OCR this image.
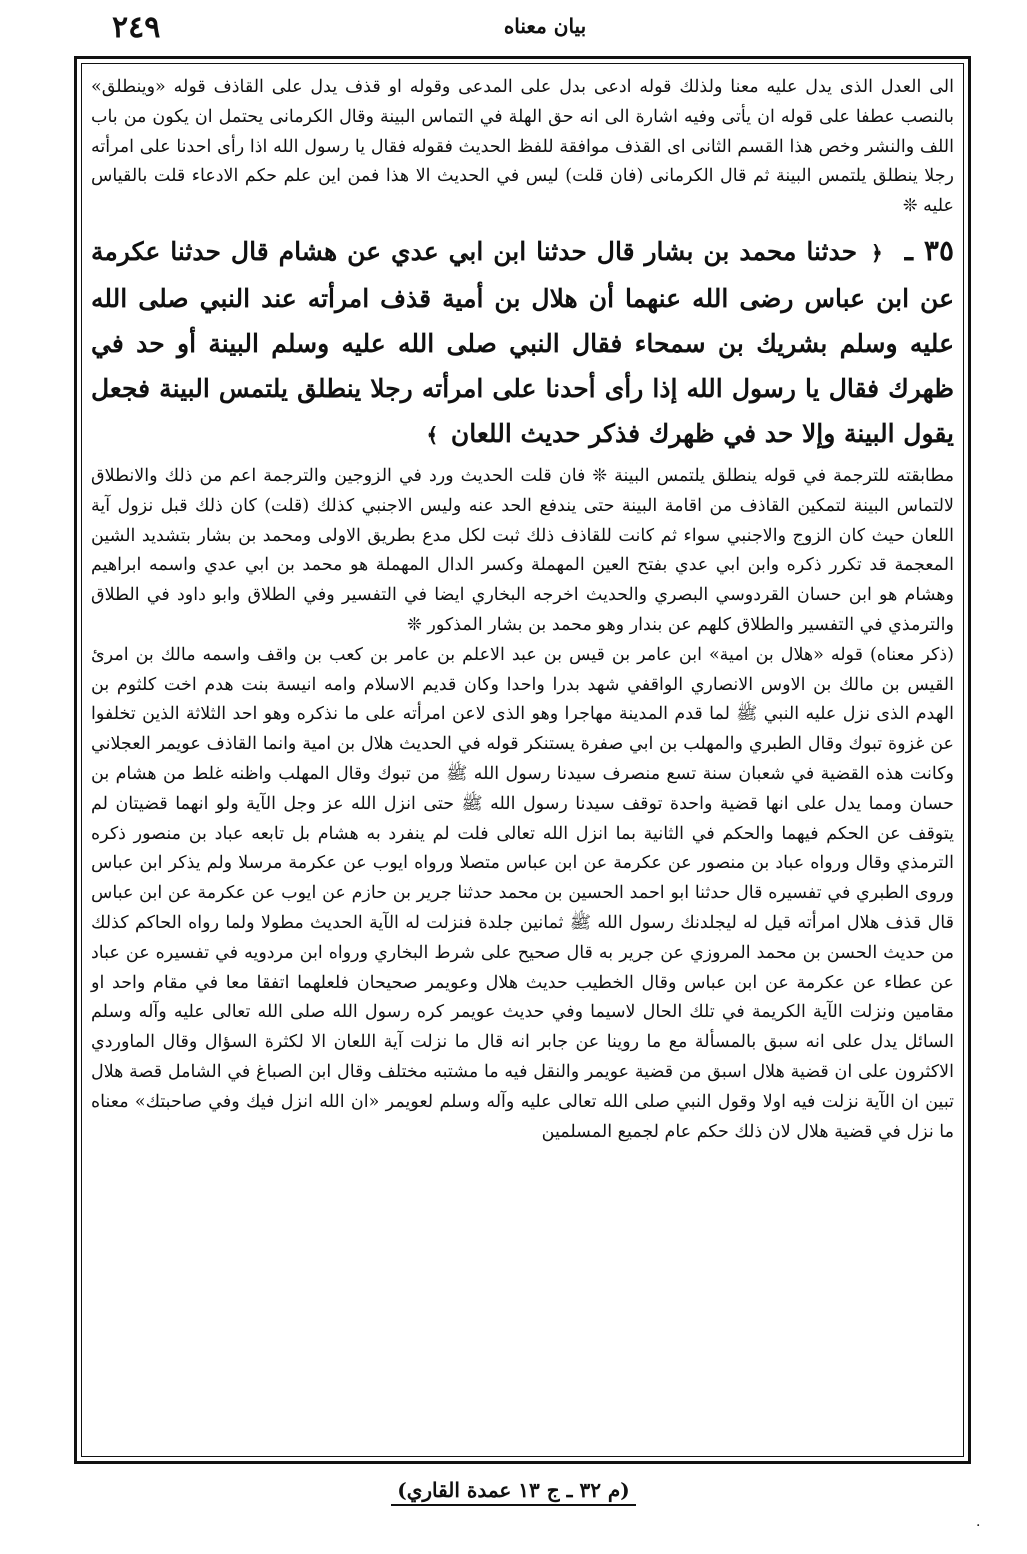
٢٤٩	بيان معناه

الى العدل الذى يدل عليه معنا ولذلك قوله ادعى بدل على المدعى وقوله او قذف يدل على القاذف قوله «وينطلق» بالنصب عطفا على قوله ان يأتى وفيه اشارة الى انه حق الهلة في التماس البينة وقال الكرمانى يحتمل ان يكون من باب اللف والنشر وخص هذا القسم الثانى اى القذف موافقة للفظ الحديث فقوله فقال يا رسول الله اذا رأى احدنا على امرأته رجلا ينطلق يلتمس البينة ثم قال الكرمانى (فان قلت) ليس في الحديث الا هذا فمن اين علم حكم الادعاء قلت بالقياس عليه ❊

٣٥ ـ ﴿ حدثنا محمد بن بشار قال حدثنا ابن ابي عدي عن هشام قال حدثنا عكرمة عن ابن عباس رضى الله عنهما أن هلال بن أمية قذف امرأته عند النبي صلى الله عليه وسلم بشريك بن سمحاء فقال النبي صلى الله عليه وسلم البينة أو حد في ظهرك فقال يا رسول الله إذا رأى أحدنا على امرأته رجلا ينطلق يلتمس البينة فجعل يقول البينة وإلا حد في ظهرك فذكر حديث اللعان ﴾

مطابقته للترجمة في قوله ينطلق يلتمس البينة ❊ فان قلت الحديث ورد في الزوجين والترجمة اعم من ذلك والانطلاق لالتماس البينة لتمكين القاذف من اقامة البينة حتى يندفع الحد عنه وليس الاجنبي كذلك (قلت) كان ذلك قبل نزول آية اللعان حيث كان الزوج والاجنبي سواء ثم كانت للقاذف ذلك ثبت لكل مدع بطريق الاولى ومحمد بن بشار بتشديد الشين المعجمة قد تكرر ذكره وابن ابي عدي بفتح العين المهملة وكسر الدال المهملة هو محمد بن ابي عدي واسمه ابراهيم وهشام هو ابن حسان القردوسي البصري والحديث اخرجه البخاري ايضا في التفسير وفي الطلاق وابو داود في الطلاق والترمذي في التفسير والطلاق كلهم عن بندار وهو محمد بن بشار المذكور ❊

(ذكر معناه) قوله «هلال بن امية» ابن عامر بن قيس بن عبد الاعلم بن عامر بن كعب بن واقف واسمه مالك بن امرئ القيس بن مالك بن الاوس الانصاري الواقفي شهد بدرا واحدا وكان قديم الاسلام وامه انيسة بنت هدم اخت كلثوم بن الهدم الذى نزل عليه النبي ﷺ لما قدم المدينة مهاجرا وهو الذى لاعن امرأته على ما نذكره وهو احد الثلاثة الذين تخلفوا عن غزوة تبوك وقال الطبري والمهلب بن ابي صفرة يستنكر قوله في الحديث هلال بن امية وانما القاذف عويمر العجلاني وكانت هذه القضية في شعبان سنة تسع منصرف سيدنا رسول الله ﷺ من تبوك وقال المهلب واظنه غلط من هشام بن حسان ومما يدل على انها قضية واحدة توقف سيدنا رسول الله ﷺ حتى انزل الله عز وجل الآية ولو انهما قضيتان لم يتوقف عن الحكم فيهما والحكم في الثانية بما انزل الله تعالى فلت لم ينفرد به هشام بل تابعه عباد بن منصور ذكره الترمذي وقال ورواه عباد بن منصور عن عكرمة عن ابن عباس متصلا ورواه ايوب عن عكرمة مرسلا ولم يذكر ابن عباس وروى الطبري في تفسيره قال حدثنا ابو احمد الحسين بن محمد حدثنا جرير بن حازم عن ايوب عن عكرمة عن ابن عباس قال قذف هلال امرأته قيل له ليجلدنك رسول الله ﷺ ثمانين جلدة فنزلت له الآية الحديث مطولا ولما رواه الحاكم كذلك من حديث الحسن بن محمد المروزي عن جرير به قال صحيح على شرط البخاري ورواه ابن مردويه في تفسيره عن عباد عن عطاء عن عكرمة عن ابن عباس وقال الخطيب حديث هلال وعويمر صحيحان فلعلهما اتفقا معا في مقام واحد او مقامين ونزلت الآية الكريمة في تلك الحال لاسيما وفي حديث عويمر كره رسول الله صلى الله تعالى عليه وآله وسلم السائل يدل على انه سبق بالمسألة مع ما روينا عن جابر انه قال ما نزلت آية اللعان الا لكثرة السؤال وقال الماوردي الاكثرون على ان قضية هلال اسبق من قضية عويمر والنقل فيه ما مشتبه مختلف وقال ابن الصباغ في الشامل قصة هلال تبين ان الآية نزلت فيه اولا وقول النبي صلى الله تعالى عليه وآله وسلم لعويمر «ان الله انزل فيك وفي صاحبتك» معناه ما نزل في قضية هلال لان ذلك حكم عام لجميع المسلمين

(م ٣٢ ـ ج ١٣ عمدة القاري)
·
